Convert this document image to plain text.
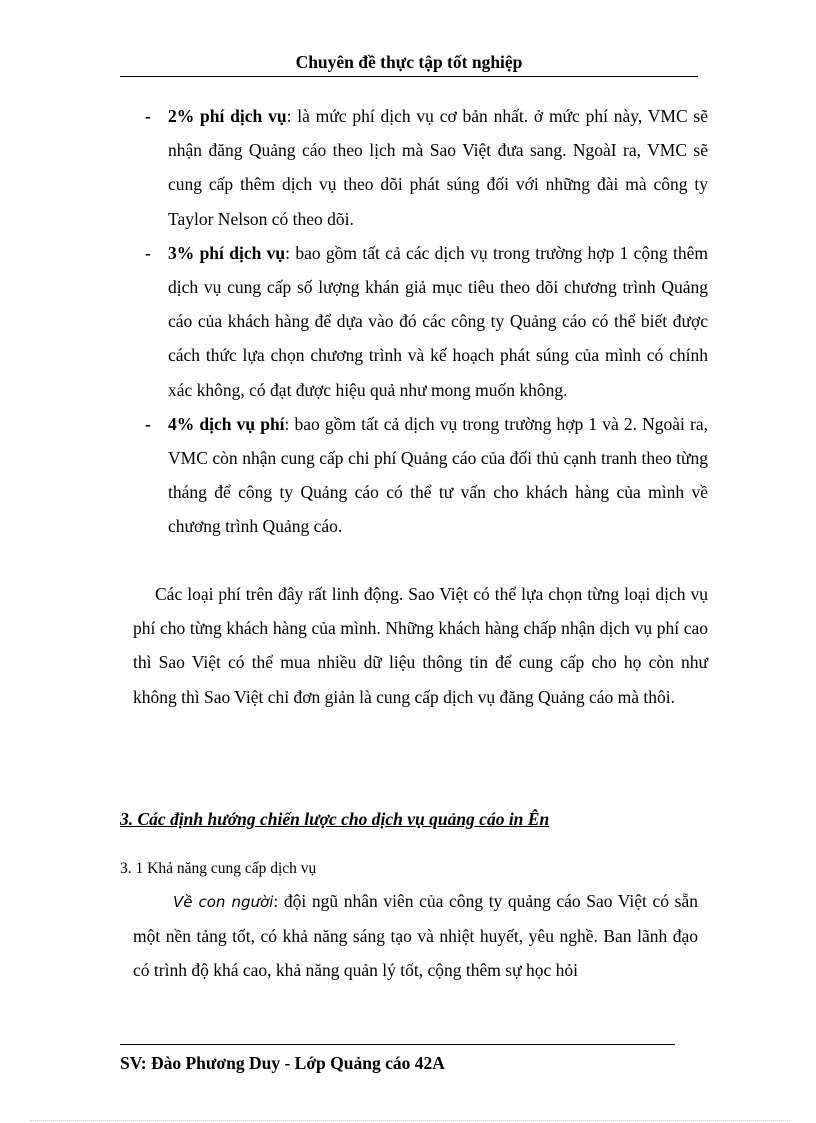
Chuyên đề thực tập tốt nghiệp
- 2% phí dịch vụ: là mức phí dịch vụ cơ bản nhất. ở mức phí này, VMC sẽ nhận đăng Quảng cáo theo lịch mà Sao Việt đưa sang. NgoàI ra, VMC sẽ cung cấp thêm dịch vụ theo dõi phát súng đối với những đài mà công ty Taylor Nelson có theo dõi.
- 3% phí dịch vụ: bao gồm tất cả các dịch vụ trong trường hợp 1 cộng thêm dịch vụ cung cấp số lượng khán giả mục tiêu theo dõi chương trình Quảng cáo của khách hàng để dựa vào đó các công ty Quảng cáo có thể biết được cách thức lựa chọn chương trình và kế hoạch phát súng của mình có chính xác không, có đạt được hiệu quả như mong muốn không.
- 4% dịch vụ phí: bao gồm tất cả dịch vụ trong trường hợp 1 và 2. Ngoài ra, VMC còn nhận cung cấp chi phí Quảng cáo của đối thủ cạnh tranh theo từng tháng để công ty Quảng cáo có thể tư vấn cho khách hàng của mình về chương trình Quảng cáo.
Các loại phí trên đây rất linh động. Sao Việt có thể lựa chọn từng loại dịch vụ phí cho từng khách hàng của mình. Những khách hàng chấp nhận dịch vụ phí cao thì Sao Việt có thể mua nhiều dữ liệu thông tin để cung cấp cho họ còn như không thì Sao Việt chỉ đơn giản là cung cấp dịch vụ đăng Quảng cáo mà thôi.
3. Các định hướng chiến lược cho dịch vụ quảng cáo in Ên
3. 1 Khả năng cung cấp dịch vụ
Về con người: đội ngũ nhân viên của công ty quảng cáo Sao Việt có sẵn một nền tảng tốt, có khả năng sáng tạo và nhiệt huyết, yêu nghề. Ban lãnh đạo có trình độ khá cao, khả năng quản lý tốt, cộng thêm sự học hỏi
SV: Đào Phương Duy - Lớp Quảng cáo 42A
